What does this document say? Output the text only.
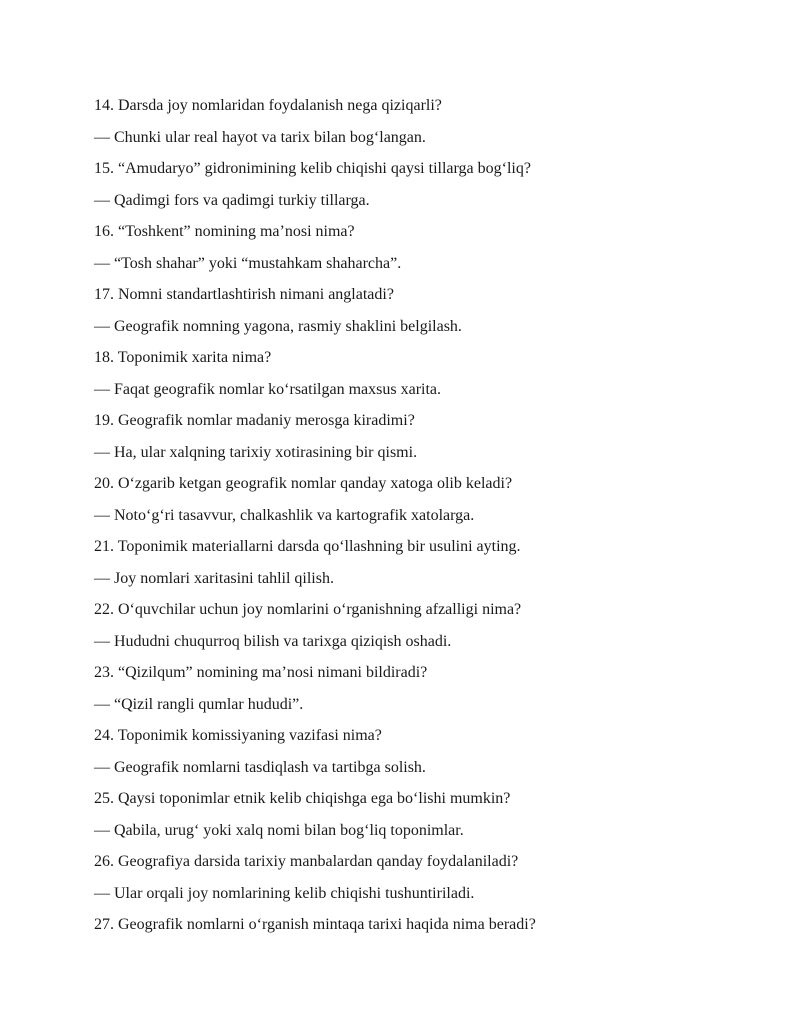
14. Darsda joy nomlaridan foydalanish nega qiziqarli?
— Chunki ular real hayot va tarix bilan bog‘langan.
15. “Amudaryo” gidronimining kelib chiqishi qaysi tillarga bog‘liq?
— Qadimgi fors va qadimgi turkiy tillarga.
16. “Toshkent” nomining ma’nosi nima?
— “Tosh shahar” yoki “mustahkam shaharcha”.
17. Nomni standartlashtirish nimani anglatadi?
— Geografik nomning yagona, rasmiy shaklini belgilash.
18. Toponimik xarita nima?
— Faqat geografik nomlar ko‘rsatilgan maxsus xarita.
19. Geografik nomlar madaniy merosga kiradimi?
— Ha, ular xalqning tarixiy xotirasining bir qismi.
20. O‘zgarib ketgan geografik nomlar qanday xatoga olib keladi?
— Noto‘g‘ri tasavvur, chalkashlik va kartografik xatolarga.
21. Toponimik materiallarni darsda qo‘llashning bir usulini ayting.
— Joy nomlari xaritasini tahlil qilish.
22. O‘quvchilar uchun joy nomlarini o‘rganishning afzalligi nima?
— Hududni chuqurroq bilish va tarixga qiziqish oshadi.
23. “Qizilqum” nomining ma’nosi nimani bildiradi?
— “Qizil rangli qumlar hududi”.
24. Toponimik komissiyaning vazifasi nima?
— Geografik nomlarni tasdiqlash va tartibga solish.
25. Qaysi toponimlar etnik kelib chiqishga ega bo‘lishi mumkin?
— Qabila, urug‘ yoki xalq nomi bilan bog‘liq toponimlar.
26. Geografiya darsida tarixiy manbalardan qanday foydalaniladi?
— Ular orqali joy nomlarining kelib chiqishi tushuntiriladi.
27. Geografik nomlarni o‘rganish mintaqa tarixi haqida nima beradi?
